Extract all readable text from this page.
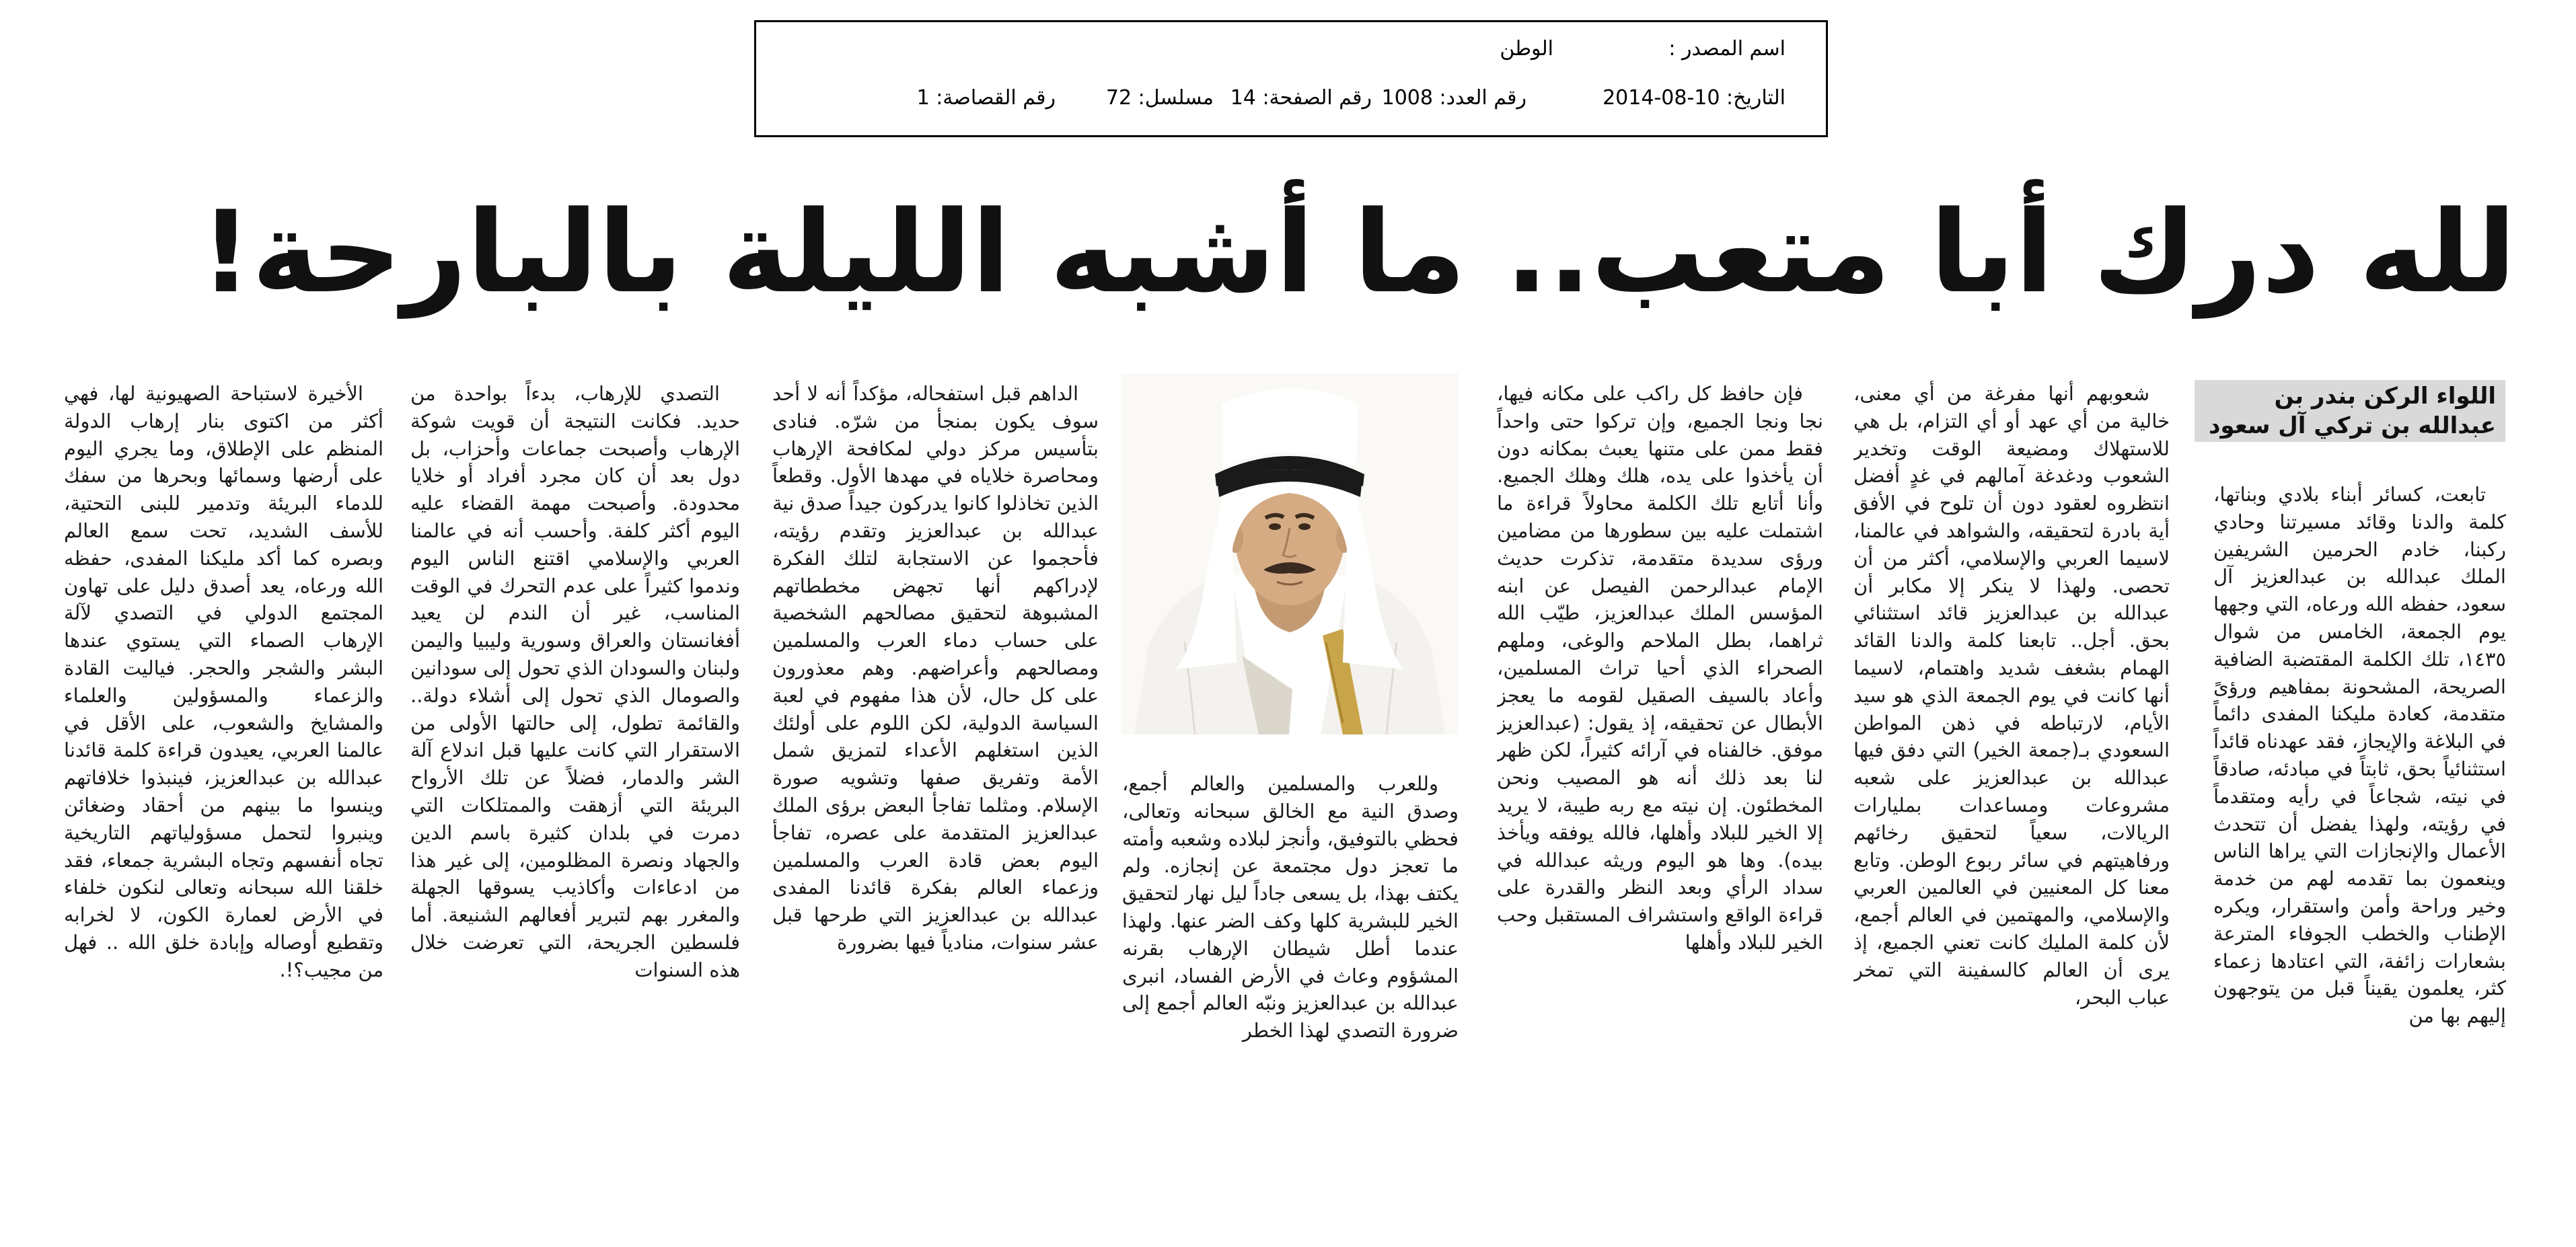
اسم المصدر :
الوطن
التاريخ: 10-08-2014
رقم العدد: 1008
رقم الصفحة: 14
مسلسل: 72
رقم القصاصة: 1
لله درك أبا متعب.. ما أشبه الليلة بالبارحة!
اللواء الركن بندر بن عبدالله بن تركي آل سعود

تابعت، كسائر أبناء بلادي وبناتها، كلمة والدنا وقائد مسيرتنا وحادي ركبنا، خادم الحرمين الشريفين الملك عبدالله بن عبدالعزيز آل سعود، حفظه الله ورعاه، التي وجهها يوم الجمعة، الخامس من شوال ١٤٣٥، تلك الكلمة المقتضبة الضافية الصريحة، المشحونة بمفاهيم ورؤىً متقدمة، كعادة مليكنا المفدى دائماً في البلاغة والإيجاز، فقد عهدناه قائداً استثنائياً بحق، ثابتاً في مبادئه، صادقاً في نيته، شجاعاً في رأيه ومتقدماً في رؤيته، ولهذا يفضل أن تتحدث الأعمال والإنجازات التي يراها الناس وينعمون بما تقدمه لهم من خدمة وخير وراحة وأمن واستقرار، ويكره الإطناب والخطب الجوفاء المترعة بشعارات زائفة، التي اعتادها زعماء كثر، يعلمون يقيناً قبل من يتوجهون إليهم بها من

شعوبهم أنها مفرغة من أي معنى، خالية من أي عهد أو أي التزام، بل هي للاستهلاك ومضيعة الوقت وتخدير الشعوب ودغدغة آمالهم في غدٍ أفضل انتظروه لعقود دون أن تلوح في الأفق أية بادرة لتحقيقه، والشواهد في عالمنا، لاسيما العربي والإسلامي، أكثر من أن تحصى. ولهذا لا ينكر إلا مكابر أن عبدالله بن عبدالعزيز قائد استثنائي بحق. أجل.. تابعنا كلمة والدنا القائد الهمام بشغف شديد واهتمام، لاسيما أنها كانت في يوم الجمعة الذي هو سيد الأيام، لارتباطه في ذهن المواطن السعودي بـ(جمعة الخير) التي دفق فيها عبدالله بن عبدالعزيز على شعبه مشروعات ومساعدات بمليارات الريالات، سعياً لتحقيق رخائهم ورفاهيتهم في سائر ربوع الوطن. وتابع معنا كل المعنيين في العالمين العربي والإسلامي، والمهتمين في العالم أجمع، لأن كلمة المليك كانت تعني الجميع، إذ يرى أن العالم كالسفينة التي تمخر عباب البحر،

فإن حافظ كل راكب على مكانه فيها، نجا ونجا الجميع، وإن تركوا حتى واحداً فقط ممن على متنها يعبث بمكانه دون أن يأخذوا على يده، هلك وهلك الجميع. وأنا أتابع تلك الكلمة محاولاً قراءة ما اشتملت عليه بين سطورها من مضامين ورؤى سديدة متقدمة، تذكرت حديث الإمام عبدالرحمن الفيصل عن ابنه المؤسس الملك عبدالعزيز، طيّب الله ثراهما، بطل الملاحم والوغى، وملهم الصحراء الذي أحيا تراث المسلمين، وأعاد بالسيف الصقيل لقومه ما يعجز الأبطال عن تحقيقه، إذ يقول: (عبدالعزيز موفق. خالفناه في آرائه كثيراً، لكن ظهر لنا بعد ذلك أنه هو المصيب ونحن المخطئون. إن نيته مع ربه طيبة، لا يريد إلا الخير للبلاد وأهلها، فالله يوفقه ويأخذ بيده). وها هو اليوم وريثه عبدالله في سداد الرأي وبعد النظر والقدرة على قراءة الواقع واستشراف المستقبل وحب الخير للبلاد وأهلها

وللعرب والمسلمين والعالم أجمع، وصدق النية مع الخالق سبحانه وتعالى، فحظي بالتوفيق، وأنجز لبلاده وشعبه وأمته ما تعجز دول مجتمعة عن إنجازه. ولم يكتف بهذا، بل يسعى جاداً ليل نهار لتحقيق الخير للبشرية كلها وكف الضر عنها. ولهذا عندما أطل شيطان الإرهاب بقرنه المشؤوم وعاث في الأرض الفساد، انبرى عبدالله بن عبدالعزيز ونبّه العالم أجمع إلى ضرورة التصدي لهذا الخطر

الداهم قبل استفحاله، مؤكداً أنه لا أحد سوف يكون بمنجأ من شرّه. فنادى بتأسيس مركز دولي لمكافحة الإرهاب ومحاصرة خلاياه في مهدها الأول. وقطعاً الذين تخاذلوا كانوا يدركون جيداً صدق نية عبدالله بن عبدالعزيز وتقدم رؤيته، فأحجموا عن الاستجابة لتلك الفكرة لإدراكهم أنها تجهض مخططاتهم المشبوهة لتحقيق مصالحهم الشخصية على حساب دماء العرب والمسلمين ومصالحهم وأعراضهم. وهم معذورون على كل حال، لأن هذا مفهوم في لعبة السياسة الدولية، لكن اللوم على أولئك الذين استغلهم الأعداء لتمزيق شمل الأمة وتفريق صفها وتشويه صورة الإسلام. ومثلما تفاجأ البعض برؤى الملك عبدالعزيز المتقدمة على عصره، تفاجأ اليوم بعض قادة العرب والمسلمين وزعماء العالم بفكرة قائدنا المفدى عبدالله بن عبدالعزيز التي طرحها قبل عشر سنوات، منادياً فيها بضرورة

التصدي للإرهاب، بدءاً بواحدة من حديد. فكانت النتيجة أن قويت شوكة الإرهاب وأصبحت جماعات وأحزاب، بل دول بعد أن كان مجرد أفراد أو خلايا محدودة. وأصبحت مهمة القضاء عليه اليوم أكثر كلفة. وأحسب أنه في عالمنا العربي والإسلامي اقتنع الناس اليوم وندموا كثيراً على عدم التحرك في الوقت المناسب، غير أن الندم لن يعيد أفغانستان والعراق وسورية وليبيا واليمن ولبنان والسودان الذي تحول إلى سودانين والصومال الذي تحول إلى أشلاء دولة.. والقائمة تطول، إلى حالتها الأولى من الاستقرار التي كانت عليها قبل اندلاع آلة الشر والدمار، فضلاً عن تلك الأرواح البريئة التي أزهقت والممتلكات التي دمرت في بلدان كثيرة باسم الدين والجهاد ونصرة المظلومين، إلى غير هذا من ادعاءات وأكاذيب يسوقها الجهلة والمغرر بهم لتبرير أفعالهم الشنيعة. أما فلسطين الجريحة، التي تعرضت خلال هذه السنوات

الأخيرة لاستباحة الصهيونية لها، فهي أكثر من اكتوى بنار إرهاب الدولة المنظم على الإطلاق، وما يجري اليوم على أرضها وسمائها وبحرها من سفك للدماء البريئة وتدمير للبنى التحتية، للأسف الشديد، تحت سمع العالم وبصره كما أكد مليكنا المفدى، حفظه الله ورعاه، يعد أصدق دليل على تهاون المجتمع الدولي في التصدي لآلة الإرهاب الصماء التي يستوي عندها البشر والشجر والحجر. فياليت القادة والزعماء والمسؤولين والعلماء والمشايخ والشعوب، على الأقل في عالمنا العربي، يعيدون قراءة كلمة قائدنا عبدالله بن عبدالعزيز، فينبذوا خلافاتهم وينسوا ما بينهم من أحقاد وضغائن وينبروا لتحمل مسؤولياتهم التاريخية تجاه أنفسهم وتجاه البشرية جمعاء، فقد خلقنا الله سبحانه وتعالى لنكون خلفاء في الأرض لعمارة الكون، لا لخرابه وتقطيع أوصاله وإبادة خلق الله .. فهل من مجيب؟!.
